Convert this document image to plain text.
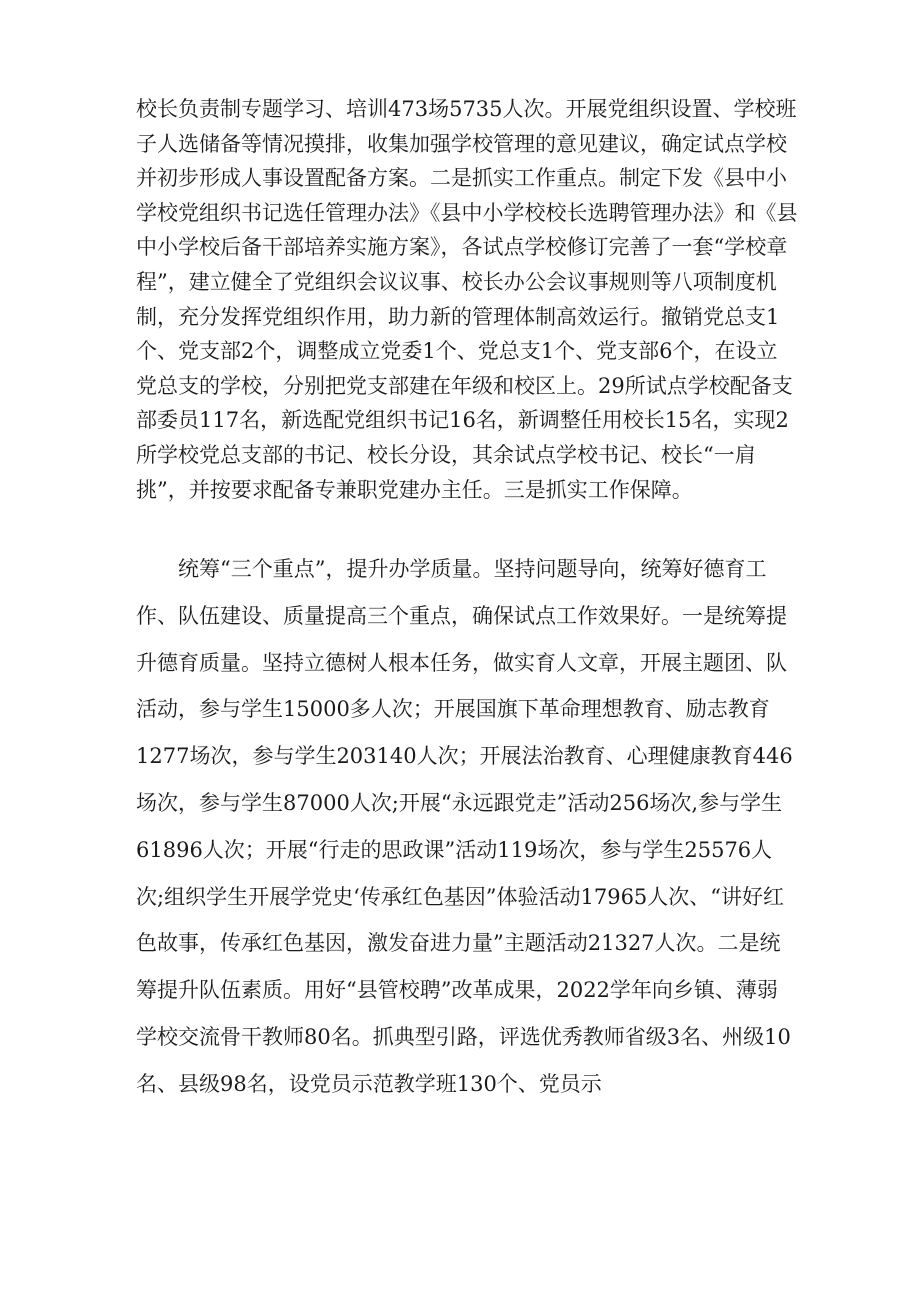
校长负责制专题学习、培训473场5735人次。开展党组织设置、学校班子人选储备等情况摸排，收集加强学校管理的意见建议，确定试点学校并初步形成人事设置配备方案。二是抓实工作重点。制定下发《县中小学校党组织书记选任管理办法》《县中小学校校长选聘管理办法》和《县中小学校后备干部培养实施方案》，各试点学校修订完善了一套“学校章程”，建立健全了党组织会议议事、校长办公会议事规则等八项制度机制，充分发挥党组织作用，助力新的管理体制高效运行。撤销党总支1个、党支部2个，调整成立党委1个、党总支1个、党支部6个，在设立党总支的学校，分别把党支部建在年级和校区上。29所试点学校配备支部委员117名，新选配党组织书记16名，新调整任用校长15名，实现2所学校党总支部的书记、校长分设，其余试点学校书记、校长“一肩挑”，并按要求配备专兼职党建办主任。三是抓实工作保障。

统筹“三个重点”，提升办学质量。坚持问题导向，统筹好德育工作、队伍建设、质量提高三个重点，确保试点工作效果好。一是统筹提升德育质量。坚持立德树人根本任务，做实育人文章，开展主题团、队活动，参与学生15000多人次；开展国旗下革命理想教育、励志教育1277场次，参与学生203140人次；开展法治教育、心理健康教育446场次，参与学生87000人次;开展“永远跟党走”活动256场次,参与学生61896人次；开展“行走的思政课”活动119场次，参与学生25576人次;组织学生开展学党史‘传承红色基因”体验活动17965人次、“讲好红色故事，传承红色基因，激发奋进力量”主题活动21327人次。二是统筹提升队伍素质。用好“县管校聘”改革成果，2022学年向乡镇、薄弱学校交流骨干教师80名。抓典型引路，评选优秀教师省级3名、州级10名、县级98名，设党员示范教学班130个、党员示
